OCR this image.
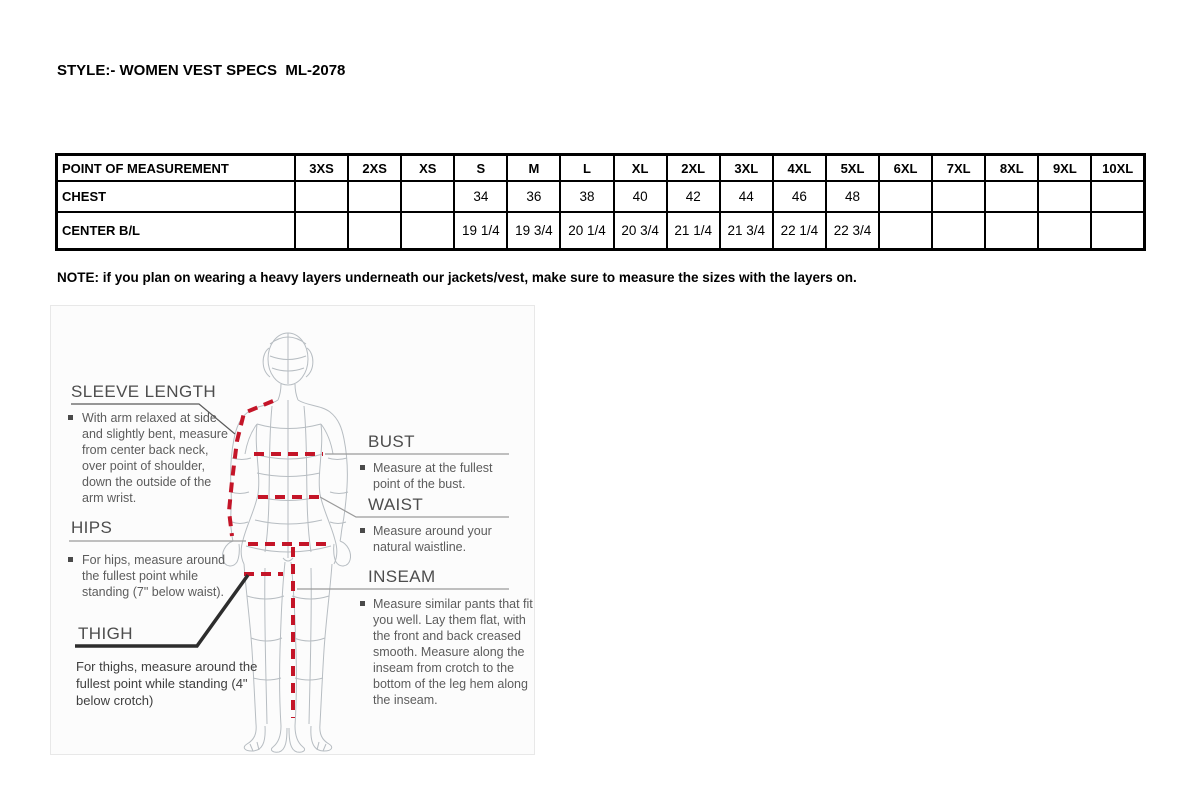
STYLE:- WOMEN VEST SPECS  ML-2078
POINT OF MEASUREMENT	3XS	2XS	XS	S	M	L	XL	2XL	3XL	4XL	5XL	6XL	7XL	8XL	9XL	10XL
CHEST				34	36	38	40	42	44	46	48					
CENTER B/L				19 1/4	19 3/4	20 1/4	20 3/4	21 1/4	21 3/4	22 1/4	22 3/4					
NOTE: if you plan on wearing a heavy layers underneath our jackets/vest, make sure to measure the sizes with the layers on.
SLEEVE LENGTH
With arm relaxed at side and slightly bent, measure from center back neck, over point of shoulder, down the outside of the arm wrist.
HIPS
For hips, measure around the fullest point while standing (7" below waist).
THIGH
For thighs, measure around the fullest point while standing (4" below crotch)
BUST
Measure at the fullest point of the bust.
WAIST
Measure around your natural waistline.
INSEAM
Measure similar pants that fit you well. Lay them flat, with the front and back creased smooth. Measure along the inseam from crotch to the bottom of the leg hem along the inseam.
